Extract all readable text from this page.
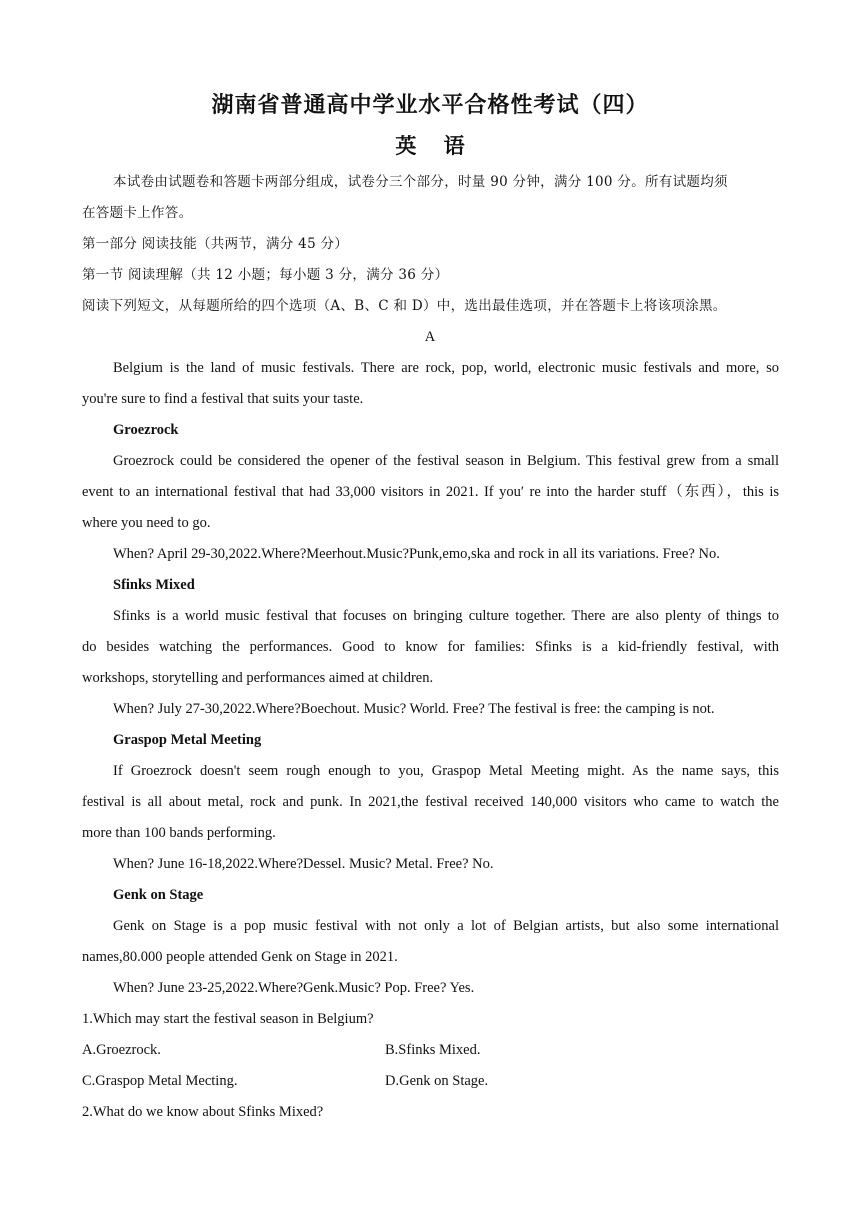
湖南省普通高中学业水平合格性考试（四）
英 语
本试卷由试题卷和答题卡两部分组成，试卷分三个部分，时量 90 分钟，满分 100 分。所有试题均须
在答题卡上作答。
第一部分 阅读技能（共两节，满分 45 分）
第一节 阅读理解（共 12 小题；每小题 3 分，满分 36 分）
阅读下列短文，从每题所给的四个选项（A、B、C 和 D）中，选出最佳选项，并在答题卡上将该项涂黑。
A
Belgium is the land of music festivals. There are rock, pop, world, electronic music festivals and more, so
you're sure to find a festival that suits your taste.
Groezrock
Groezrock could be considered the opener of the festival season in Belgium. This festival grew from a small
event to an international festival that had 33,000 visitors in 2021. If you′ re into the harder stuff（东西），this is
where you need to go.
When? April 29-30,2022.Where?Meerhout.Music?Punk,emo,ska and rock in all its variations. Free? No.
Sfinks Mixed
Sfinks is a world music festival that focuses on bringing culture together. There are also plenty of things to
do besides watching the performances. Good to know for families: Sfinks is a kid-friendly festival, with
workshops, storytelling and performances aimed at children.
When? July 27-30,2022.Where?Boechout. Music? World. Free? The festival is free: the camping is not.
Graspop Metal Meeting
If Groezrock doesn't seem rough enough to you, Graspop Metal Meeting might. As the name says, this
festival is all about metal, rock and punk. In 2021,the festival received 140,000 visitors who came to watch the
more than 100 bands performing.
When? June 16-18,2022.Where?Dessel. Music? Metal. Free? No.
Genk on Stage
Genk on Stage is a pop music festival with not only a lot of Belgian artists, but also some international
names,80.000 people attended Genk on Stage in 2021.
When? June 23-25,2022.Where?Genk.Music? Pop. Free? Yes.
1.Which may start the festival season in Belgium?
A.Groezrock.	B.Sfinks Mixed.
C.Graspop Metal Mecting.	D.Genk on Stage.
2.What do we know about Sfinks Mixed?
